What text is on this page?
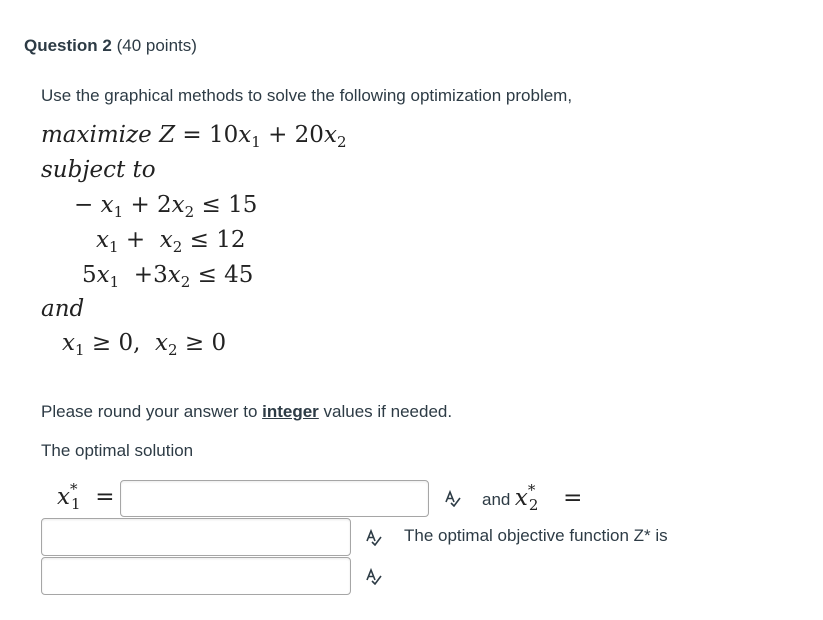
Question 2 (40 points)
Use the graphical methods to solve the following optimization problem,
maximize $Z = 10x_1 + 20x_2$
subject to
− $x_1 + 2x_2 \le 15$
$x_1 + x_2 \le 12$
$5x_1 +3x_2 \le 45$
and
$x_1 \ge 0$, $x_2 \ge 0$
Please round your answer to integer values if needed.
The optimal solution
x *
1 =	and x *
2 =
The optimal objective function Z* is
